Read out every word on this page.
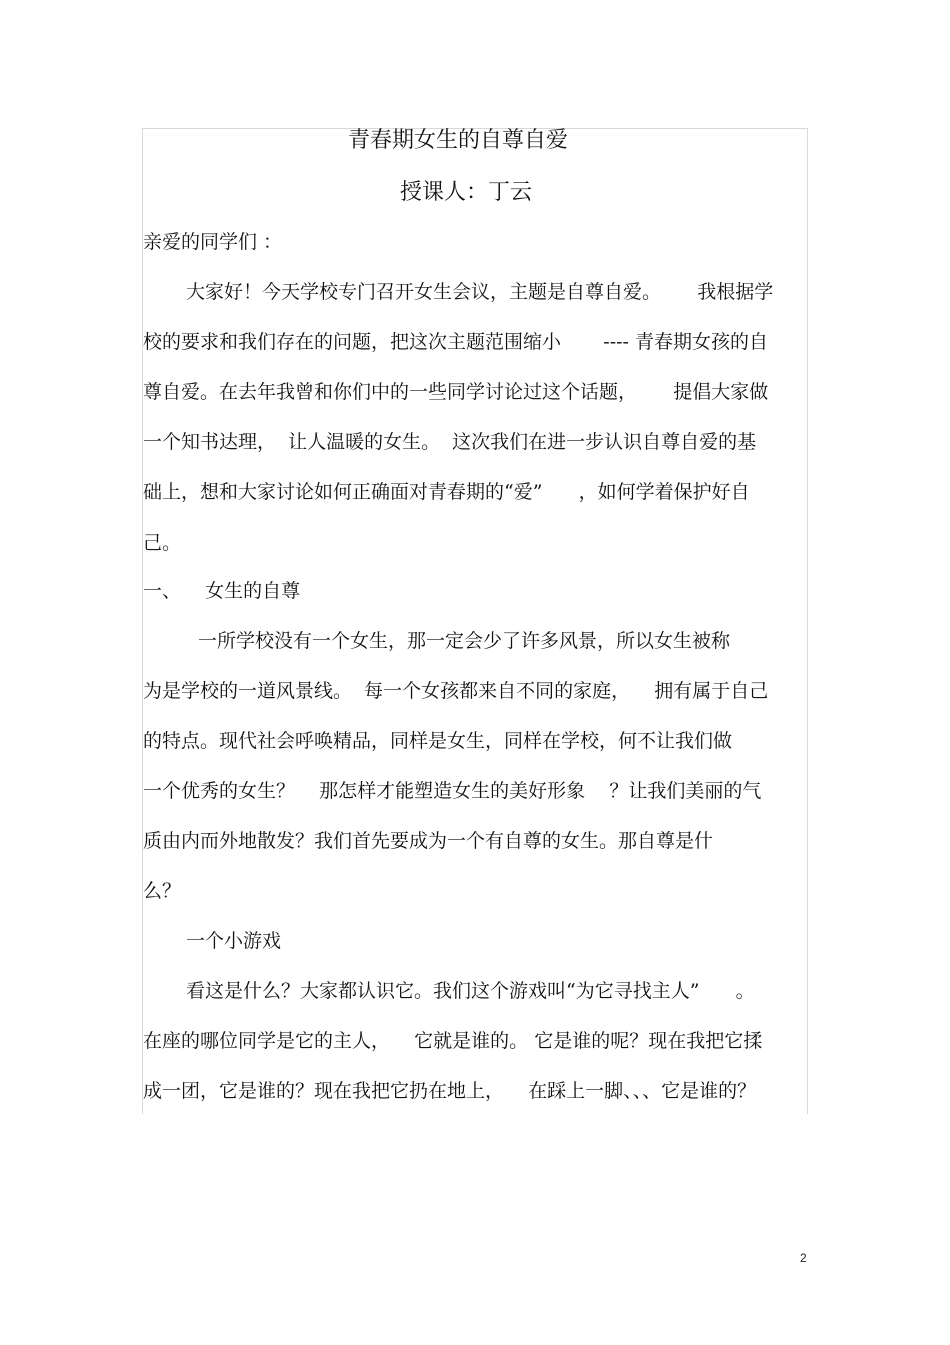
青春期女生的自尊自爱
授课人：丁云
亲爱的同学们 ：
大家好！今天学校专门召开女生会议，主题是自尊自爱。      我根据学
校的要求和我们存在的问题，把这次主题范围缩小       ---- 青春期女孩的自
尊自爱。在去年我曾和你们中的一些同学讨论过这个话题，      提倡大家做
一个知书达理，  让人温暖的女生。  这次我们在进一步认识自尊自爱的基
础上，想和大家讨论如何正确面对青春期的“爱”      ，如何学着保护好自
己。
一、    女生的自尊
一所学校没有一个女生，那一定会少了许多风景，所以女生被称
为是学校的一道风景线。  每一个女孩都来自不同的家庭，    拥有属于自己
的特点。现代社会呼唤精品，同样是女生，同样在学校，何不让我们做
一个优秀的女生？    那怎样才能塑造女生的美好形象    ？让我们美丽的气
质由内而外地散发？我们首先要成为一个有自尊的女生。那自尊是什
么？
一个小游戏
看这是什么？大家都认识它。我们这个游戏叫“为它寻找主人”      。
在座的哪位同学是它的主人，    它就是谁的。 它是谁的呢？现在我把它揉
成一团，它是谁的？现在我把它扔在地上，    在踩上一脚、、、它是谁的？
2
